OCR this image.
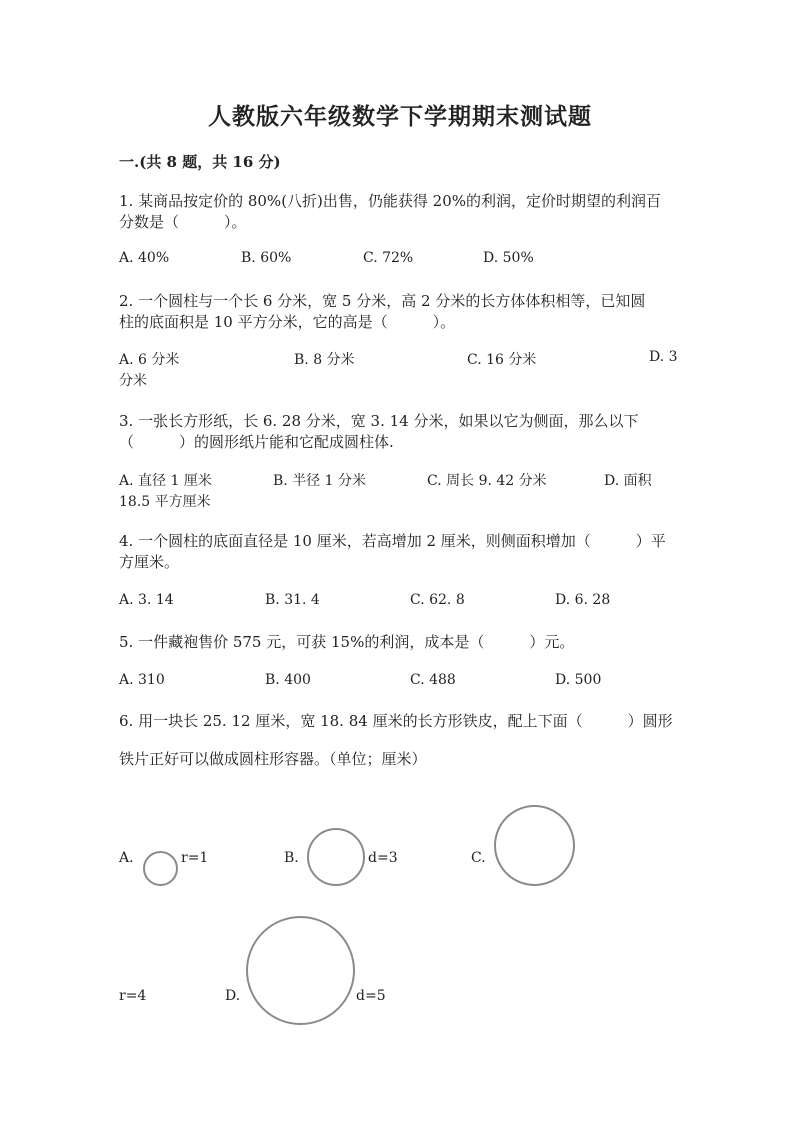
人教版六年级数学下学期期末测试题
一.(共 8 题，共 16 分)
1. 某商品按定价的 80%(八折)出售，仍能获得 20%的利润，定价时期望的利润百
分数是（　　　）。
A. 40%	B. 60%	C. 72%	D. 50%
2. 一个圆柱与一个长 6 分米，宽 5 分米，高 2 分米的长方体体积相等，已知圆
柱的底面积是 10 平方分米，它的高是（　　　）。
A. 6 分米	B. 8 分米	C. 16 分米	D. 3
分米
3. 一张长方形纸，长 6. 28 分米，宽 3. 14 分米，如果以它为侧面，那么以下
（　　　）的圆形纸片能和它配成圆柱体.
A. 直径 1 厘米	B. 半径 1 分米	C. 周长 9. 42 分米	D. 面积
18.5 平方厘米
4. 一个圆柱的底面直径是 10 厘米，若高增加 2 厘米，则侧面积增加（　　　）平
方厘米。
A. 3. 14	B. 31. 4	C. 62. 8	D. 6. 28
5. 一件藏袍售价 575 元，可获 15%的利润，成本是（　　　）元。
A. 310	B. 400	C. 488	D. 500
6. 用一块长 25. 12 厘米，宽 18. 84 厘米的长方形铁皮，配上下面（　　　）圆形
铁片正好可以做成圆柱形容器。（单位；厘米）
A.	r=1	B.	d=3	C.
r=4	D.	d=5
